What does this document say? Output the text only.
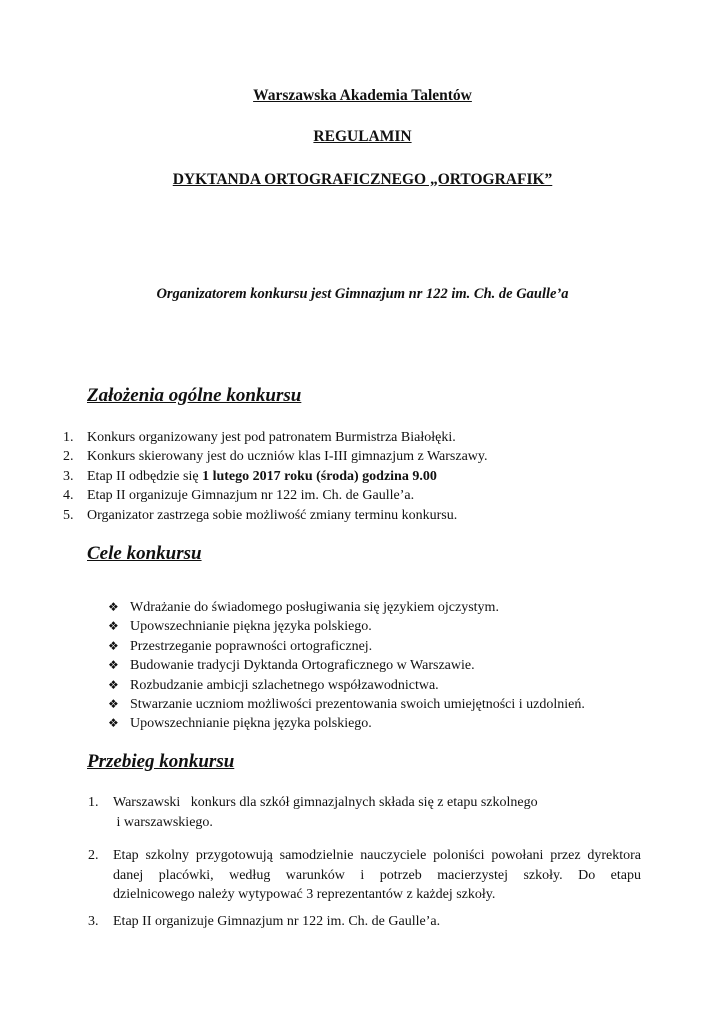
Warszawska Akademia Talentów
REGULAMIN
DYKTANDA ORTOGRAFICZNEGO „ORTOGRAFIK”
Organizatorem konkursu jest Gimnazjum nr 122 im. Ch. de Gaulle’a
Założenia ogólne konkursu
1. Konkurs organizowany jest pod patronatem Burmistrza Białołęki.
2. Konkurs skierowany jest do uczniów klas I-III gimnazjum z Warszawy.
3. Etap II odbędzie się 1 lutego 2017 roku (środa) godzina 9.00
4. Etap II organizuje Gimnazjum nr 122 im. Ch. de Gaulle’a.
5. Organizator zastrzega sobie możliwość zmiany terminu konkursu.
Cele konkursu
❖ Wdrażanie do świadomego posługiwania się językiem ojczystym.
❖ Upowszechnianie piękna języka polskiego.
❖ Przestrzeganie poprawności ortograficznej.
❖ Budowanie tradycji Dyktanda Ortograficznego w Warszawie.
❖ Rozbudzanie ambicji szlachetnego współzawodnictwa.
❖ Stwarzanie uczniom możliwości prezentowania swoich umiejętności i uzdolnień.
❖ Upowszechnianie piękna języka polskiego.
Przebieg konkursu
1. Warszawski   konkurs dla szkół gimnazjalnych składa się z etapu szkolnego
i warszawskiego.
2. Etap szkolny przygotowują samodzielnie nauczyciele poloniści powołani przez dyrektora
danej placówki, według warunków i potrzeb macierzystej szkoły. Do etapu
dzielnicowego należy wytypować 3 reprezentantów z każdej szkoły.
3. Etap II organizuje Gimnazjum nr 122 im. Ch. de Gaulle’a.
